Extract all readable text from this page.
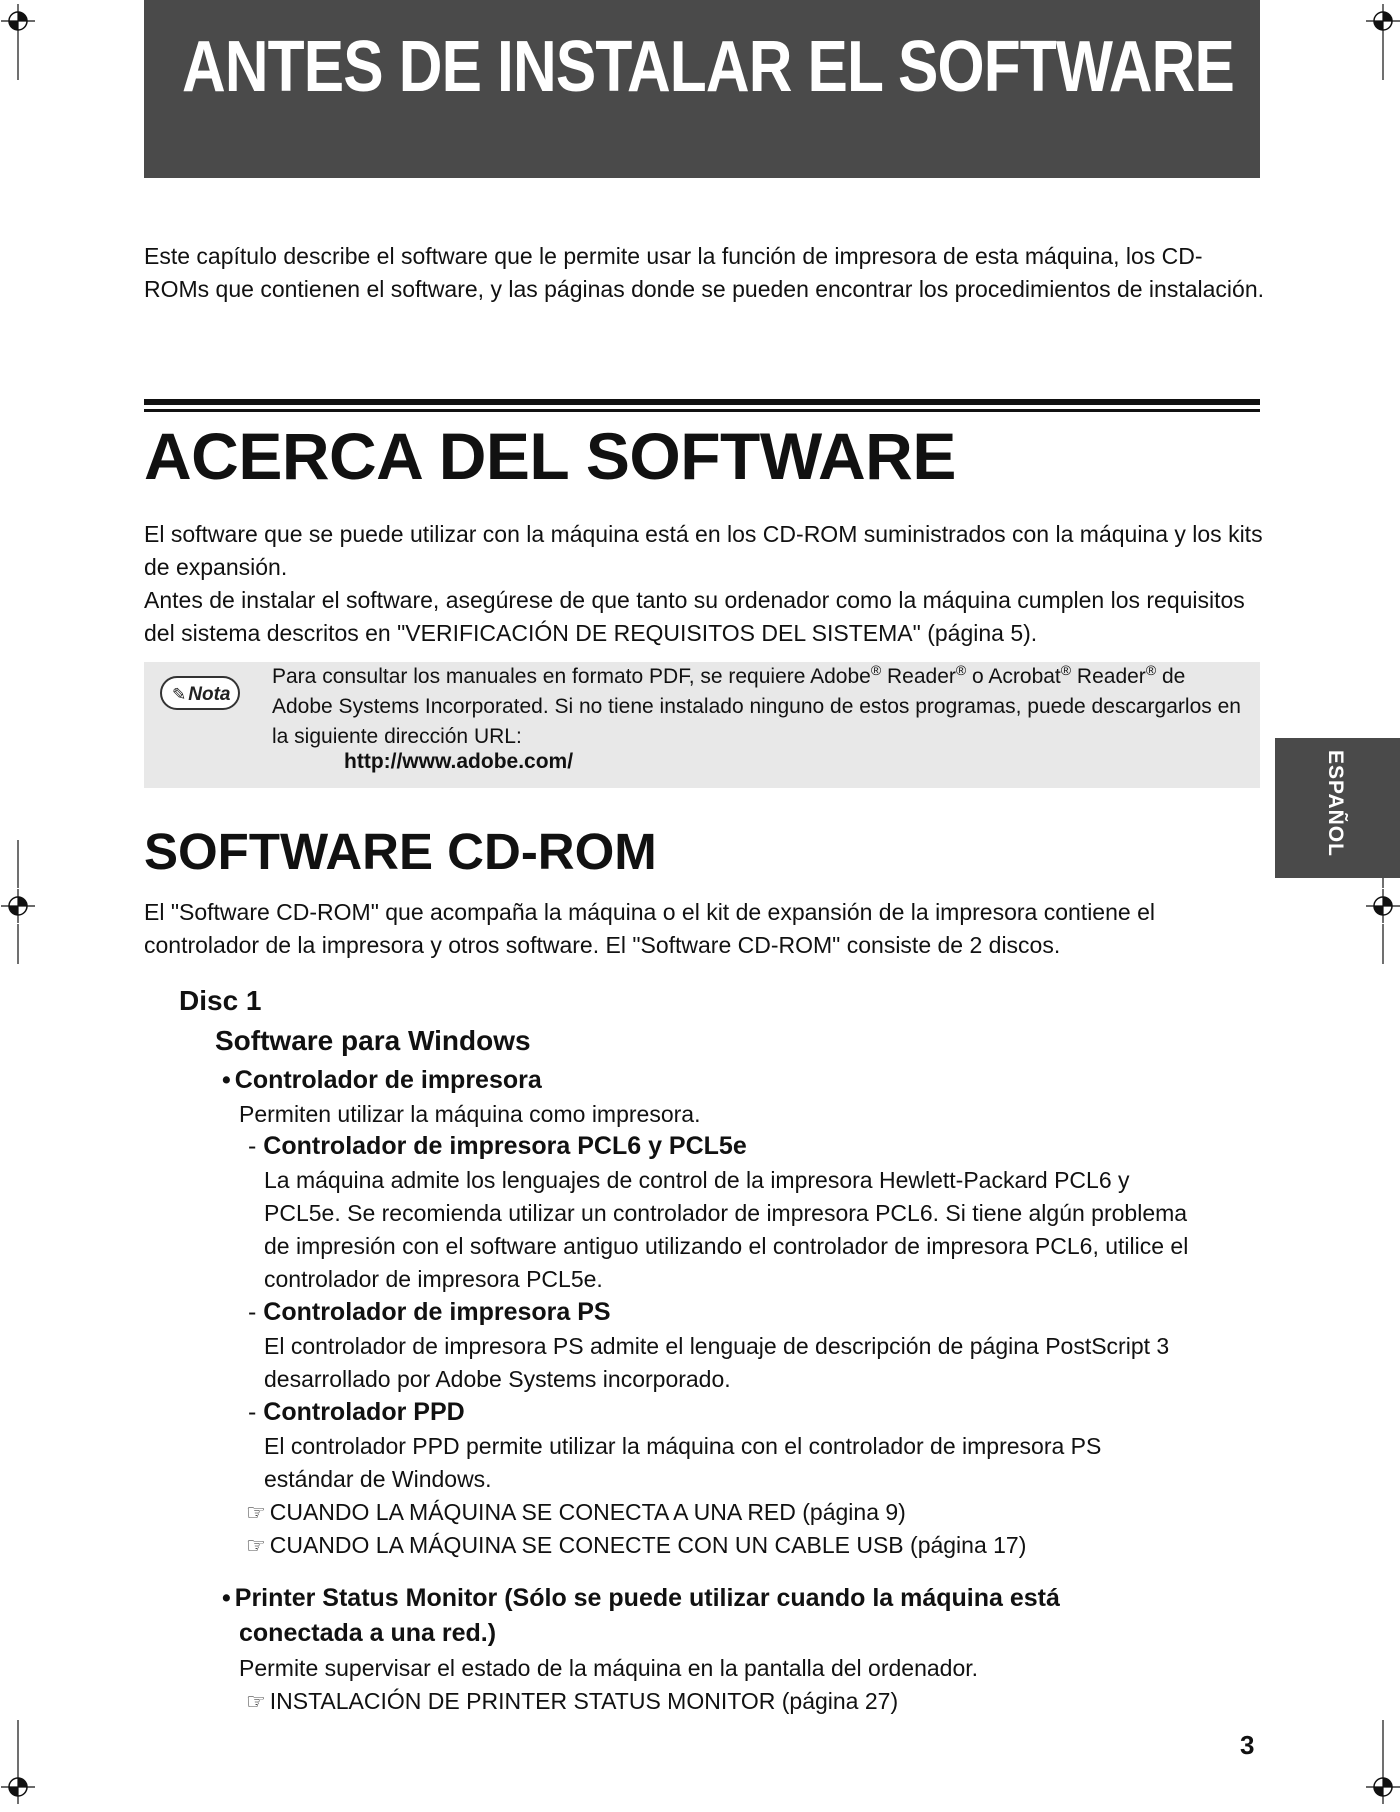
ANTES DE INSTALAR EL SOFTWARE

Este capítulo describe el software que le permite usar la función de impresora de esta máquina, los CD-ROMs que contienen el software, y las páginas donde se pueden encontrar los procedimientos de instalación.

ACERCA DEL SOFTWARE

El software que se puede utilizar con la máquina está en los CD-ROM suministrados con la máquina y los kits de expansión.

Antes de instalar el software, asegúrese de que tanto su ordenador como la máquina cumplen los requisitos del sistema descritos en "VERIFICACIÓN DE REQUISITOS DEL SISTEMA" (página 5).

✎ Nota

Para consultar los manuales en formato PDF, se requiere Adobe® Reader® o Acrobat® Reader® de Adobe Systems Incorporated. Si no tiene instalado ninguno de estos programas, puede descargarlos en la siguiente dirección URL:

http://www.adobe.com/	ESPAÑOL
SOFTWARE CD-ROM

El "Software CD-ROM" que acompaña la máquina o el kit de expansión de la impresora contiene el controlador de la impresora y otros software. El "Software CD-ROM" consiste de 2 discos.

Disc 1

Software para Windows

• Controlador de impresora

Permiten utilizar la máquina como impresora.

- Controlador de impresora PCL6 y PCL5e

La máquina admite los lenguajes de control de la impresora Hewlett-Packard PCL6 y

PCL5e. Se recomienda utilizar un controlador de impresora PCL6. Si tiene algún problema

de impresión con el software antiguo utilizando el controlador de impresora PCL6, utilice el

controlador de impresora PCL5e.

- Controlador de impresora PS

El controlador de impresora PS admite el lenguaje de descripción de página PostScript 3

desarrollado por Adobe Systems incorporado.

- Controlador PPD

El controlador PPD permite utilizar la máquina con el controlador de impresora PS

estándar de Windows.

☞ CUANDO LA MÁQUINA SE CONECTA A UNA RED (página 9)

☞ CUANDO LA MÁQUINA SE CONECTE CON UN CABLE USB (página 17)

• Printer Status Monitor (Sólo se puede utilizar cuando la máquina está

conectada a una red.)

Permite supervisar el estado de la máquina en la pantalla del ordenador.

☞ INSTALACIÓN DE PRINTER STATUS MONITOR (página 27)

3
